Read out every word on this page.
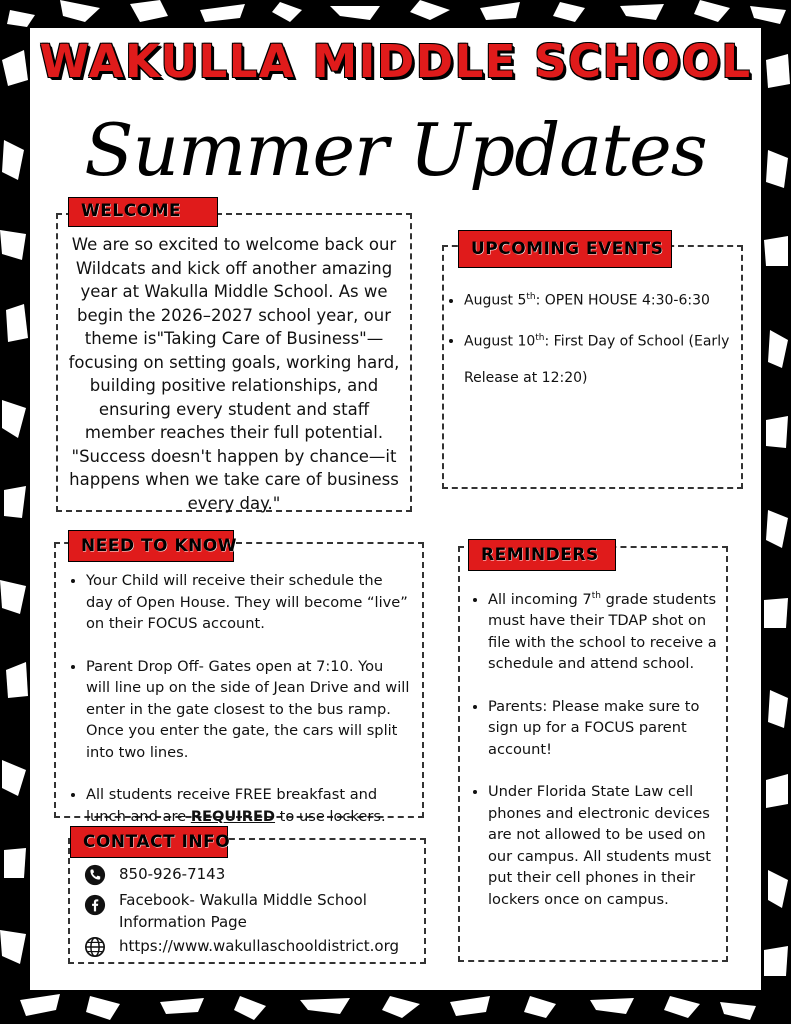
WAKULLA MIDDLE SCHOOL
Summer Updates
We are so excited to welcome back our Wildcats and kick off another amazing year at Wakulla Middle School. As we begin the 2026–2027 school year, our theme is"Taking Care of Business"—focusing on setting goals, working hard, building positive relationships, and ensuring every student and staff member reaches their full potential. "Success doesn't happen by chance—it happens when we take care of business every day."
WELCOME
• August 5th: OPEN HOUSE 4:30-6:30
• August 10th: First Day of School (Early Release at 12:20)
UPCOMING EVENTS
• Your Child will receive their schedule the day of Open House. They will become “live” on their FOCUS account.
• Parent Drop Off- Gates open at 7:10. You will line up on the side of Jean Drive and will enter in the gate closest to the bus ramp. Once you enter the gate, the cars will split into two lines.
• All students receive FREE breakfast and lunch and are REQUIRED to use lockers.
NEED TO KNOW
• All incoming 7th grade students must have their TDAP shot on file with the school to receive a schedule and attend school.
• Parents: Please make sure to sign up for a FOCUS parent account!
• Under Florida State Law cell phones and electronic devices are not allowed to be used on our campus. All students must put their cell phones in their lockers once on campus.
REMINDERS
850-926-7143
Facebook- Wakulla Middle School Information Page
https://www.wakullaschooldistrict.org
CONTACT INFO
